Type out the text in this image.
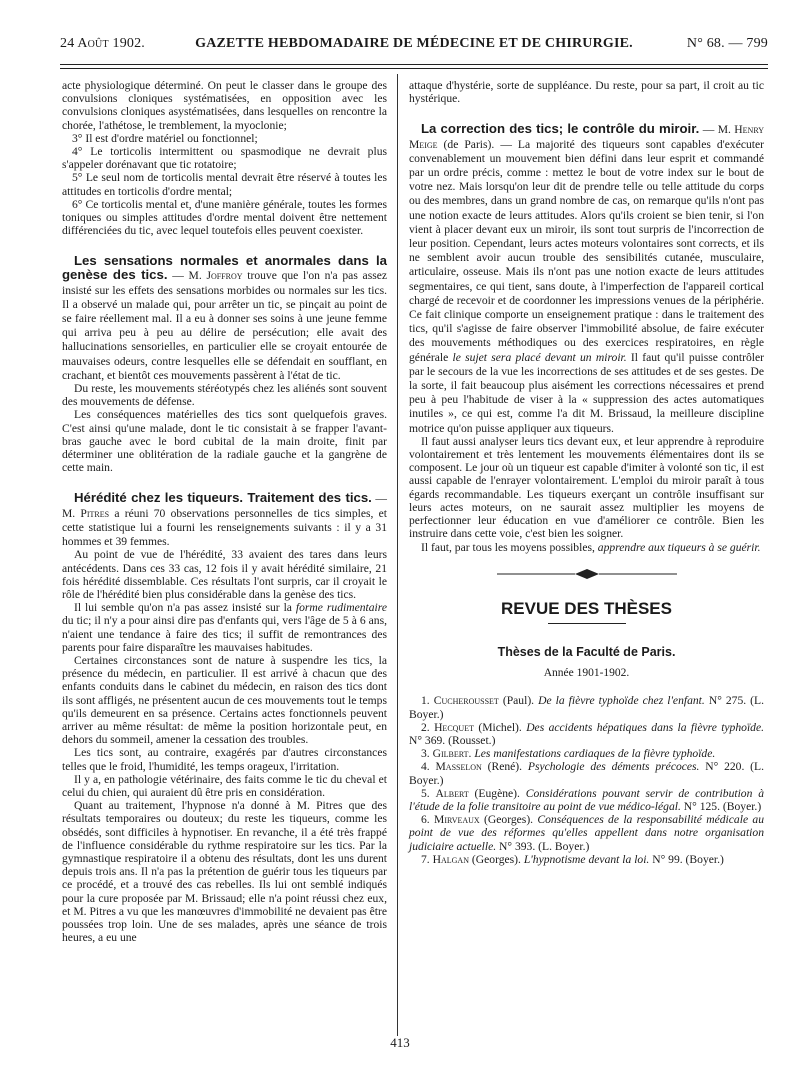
24 Août 1902.	GAZETTE HEBDOMADAIRE DE MÉDECINE ET DE CHIRURGIE.	N° 68. — 799

acte physiologique déterminé. On peut le classer dans le groupe des convulsions cloniques systématisées, en opposition avec les convulsions cloniques asystématisées, dans lesquelles on rencontre la chorée, l'athétose, le tremblement, la myoclonie;

3° Il est d'ordre matériel ou fonctionnel;

4° Le torticolis intermittent ou spasmodique ne devrait plus s'appeler dorénavant que tic rotatoire;

5° Le seul nom de torticolis mental devrait être réservé à toutes les attitudes en torticolis d'ordre mental;

6° Ce torticolis mental et, d'une manière générale, toutes les formes toniques ou simples attitudes d'ordre mental doivent être nettement différenciées du tic, avec lequel toutefois elles peuvent coexister.

Les sensations normales et anormales dans la genèse des tics. — M. Joffroy trouve que l'on n'a pas assez insisté sur les effets des sensations morbides ou normales sur les tics. Il a observé un malade qui, pour arrêter un tic, se pinçait au point de se faire réellement mal. Il a eu à donner ses soins à une jeune femme qui arriva peu à peu au délire de persécution; elle avait des hallucinations sensorielles, en particulier elle se croyait entourée de mauvaises odeurs, contre lesquelles elle se défendait en soufflant, en crachant, et bientôt ces mouvements passèrent à l'état de tic.

Du reste, les mouvements stéréotypés chez les aliénés sont souvent des mouvements de défense.

Les conséquences matérielles des tics sont quelquefois graves. C'est ainsi qu'une malade, dont le tic consistait à se frapper l'avant-bras gauche avec le bord cubital de la main droite, finit par déterminer une oblitération de la radiale gauche et la gangrène de cette main.

Hérédité chez les tiqueurs. Traitement des tics. — M. Pitres a réuni 70 observations personnelles de tics simples, et cette statistique lui a fourni les renseignements suivants : il y a 31 hommes et 39 femmes.

Au point de vue de l'hérédité, 33 avaient des tares dans leurs antécédents. Dans ces 33 cas, 12 fois il y avait hérédité similaire, 21 fois hérédité dissemblable. Ces résultats l'ont surpris, car il croyait le rôle de l'hérédité bien plus considérable dans la genèse des tics.

Il lui semble qu'on n'a pas assez insisté sur la forme rudimentaire du tic; il n'y a pour ainsi dire pas d'enfants qui, vers l'âge de 5 à 6 ans, n'aient une tendance à faire des tics; il suffit de remontrances des parents pour faire disparaître les mauvaises habitudes.

Certaines circonstances sont de nature à suspendre les tics, la présence du médecin, en particulier. Il est arrivé à chacun que des enfants conduits dans le cabinet du médecin, en raison des tics dont ils sont affligés, ne présentent aucun de ces mouvements tout le temps qu'ils demeurent en sa présence. Certains actes fonctionnels peuvent arriver au même résultat: de même la position horizontale peut, en dehors du sommeil, amener la cessation des troubles.

Les tics sont, au contraire, exagérés par d'autres circonstances telles que le froid, l'humidité, les temps orageux, l'irritation.

Il y a, en pathologie vétérinaire, des faits comme le tic du cheval et celui du chien, qui auraient dû être pris en considération.

Quant au traitement, l'hypnose n'a donné à M. Pitres que des résultats temporaires ou douteux; du reste les tiqueurs, comme les obsédés, sont difficiles à hypnotiser. En revanche, il a été très frappé de l'influence considérable du rythme respiratoire sur les tics. Par la gymnastique respiratoire il a obtenu des résultats, dont les uns durent depuis trois ans. Il n'a pas la prétention de guérir tous les tiqueurs par ce procédé, et a trouvé des cas rebelles. Ils lui ont semblé indiqués pour la cure proposée par M. Brissaud; elle n'a point réussi chez eux, et M. Pitres a vu que les manœuvres d'immobilité ne devaient pas être poussées trop loin. Une de ses malades, après une séance de trois heures, a eu une

attaque d'hystérie, sorte de suppléance. Du reste, pour sa part, il croit au tic hystérique.

La correction des tics; le contrôle du miroir. — M. Henry Meige (de Paris). — La majorité des tiqueurs sont capables d'exécuter convenablement un mouvement bien défini dans leur esprit et commandé par un ordre précis, comme : mettez le bout de votre index sur le bout de votre nez. Mais lorsqu'on leur dit de prendre telle ou telle attitude du corps ou des membres, dans un grand nombre de cas, on remarque qu'ils n'ont pas une notion exacte de leurs attitudes. Alors qu'ils croient se bien tenir, si l'on vient à placer devant eux un miroir, ils sont tout surpris de l'incorrection de leur position. Cependant, leurs actes moteurs volontaires sont corrects, et ils ne semblent avoir aucun trouble des sensibilités cutanée, musculaire, articulaire, osseuse. Mais ils n'ont pas une notion exacte de leurs attitudes segmentaires, ce qui tient, sans doute, à l'imperfection de l'appareil cortical chargé de recevoir et de coordonner les impressions venues de la périphérie. Ce fait clinique comporte un enseignement pratique : dans le traitement des tics, qu'il s'agisse de faire observer l'immobilité absolue, de faire exécuter des mouvements méthodiques ou des exercices respiratoires, en règle générale le sujet sera placé devant un miroir. Il faut qu'il puisse contrôler par le secours de la vue les incorrections de ses attitudes et de ses gestes. De la sorte, il fait beaucoup plus aisément les corrections nécessaires et prend peu à peu l'habitude de viser à la « suppression des actes automatiques inutiles », ce qui est, comme l'a dit M. Brissaud, la meilleure discipline motrice qu'on puisse appliquer aux tiqueurs.

Il faut aussi analyser leurs tics devant eux, et leur apprendre à reproduire volontairement et très lentement les mouvements élémentaires dont ils se composent. Le jour où un tiqueur est capable d'imiter à volonté son tic, il est aussi capable de l'enrayer volontairement. L'emploi du miroir paraît à tous égards recommandable. Les tiqueurs exerçant un contrôle insuffisant sur leurs actes moteurs, on ne saurait assez multiplier les moyens de perfectionner leur éducation en vue d'améliorer ce contrôle. Bien les instruire dans cette voie, c'est bien les soigner.

Il faut, par tous les moyens possibles, apprendre aux tiqueurs à se guérir.

REVUE DES THÈSES
Thèses de la Faculté de Paris.
Année 1901-1902.

1. Cucherousset (Paul). De la fièvre typhoïde chez l'enfant. N° 275. (L. Boyer.)

2. Hecquet (Michel). Des accidents hépatiques dans la fièvre typhoïde. N° 369. (Rousset.)

3. Gilbert. Les manifestations cardiaques de la fièvre typhoïde.

4. Masselon (René). Psychologie des déments précoces. N° 220. (L. Boyer.)

5. Albert (Eugène). Considérations pouvant servir de contribution à l'étude de la folie transitoire au point de vue médico-légal. N° 125. (Boyer.)

6. Mirveaux (Georges). Conséquences de la responsabilité médicale au point de vue des réformes qu'elles appellent dans notre organisation judiciaire actuelle. N° 393. (L. Boyer.)

7. Halgan (Georges). L'hypnotisme devant la loi. N° 99. (Boyer.)

413
